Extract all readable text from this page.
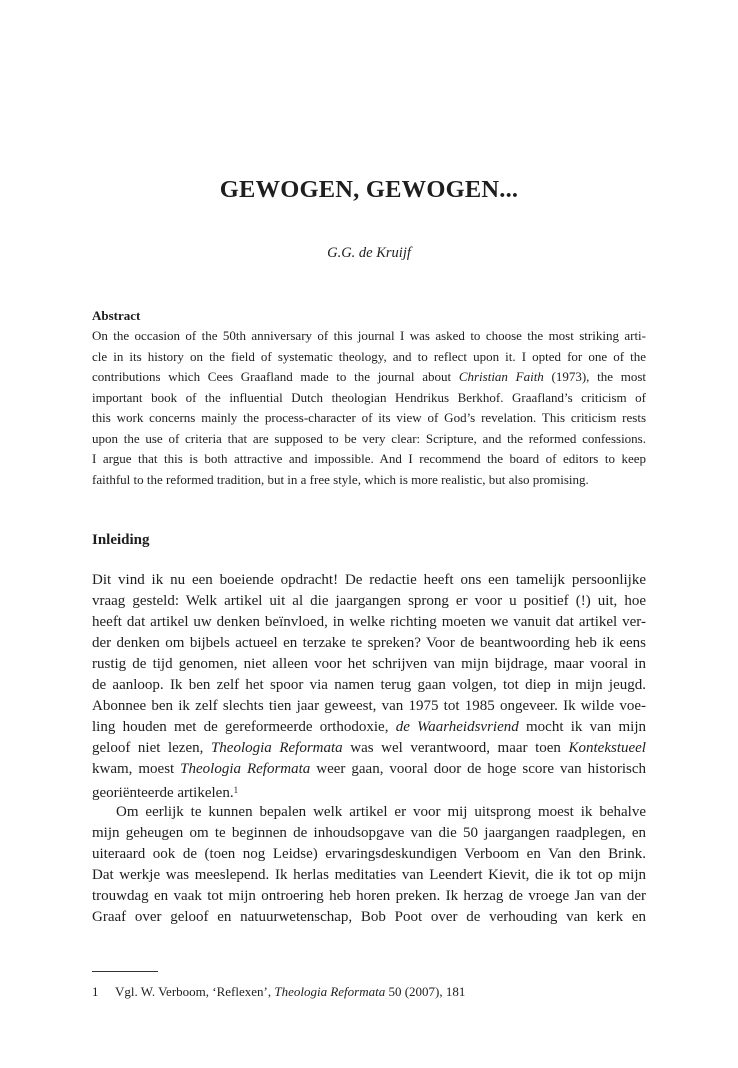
GEWOGEN, GEWOGEN...
G.G. de Kruijf
Abstract
On the occasion of the 50th anniversary of this journal I was asked to choose the most striking arti-
cle in its history on the field of systematic theology, and to reflect upon it. I opted for one of the
contributions which Cees Graafland made to the journal about Christian Faith (1973), the most
important book of the influential Dutch theologian Hendrikus Berkhof. Graafland’s criticism of
this work concerns mainly the process-character of its view of God’s revelation. This criticism rests
upon the use of criteria that are supposed to be very clear: Scripture, and the reformed confessions.
I argue that this is both attractive and impossible. And I recommend the board of editors to keep
faithful to the reformed tradition, but in a free style, which is more realistic, but also promising.
Inleiding
Dit vind ik nu een boeiende opdracht! De redactie heeft ons een tamelijk persoonlijke
vraag gesteld: Welk artikel uit al die jaargangen sprong er voor u positief (!) uit, hoe
heeft dat artikel uw denken beïnvloed, in welke richting moeten we vanuit dat artikel ver-
der denken om bijbels actueel en terzake te spreken? Voor de beantwoording heb ik eens
rustig de tijd genomen, niet alleen voor het schrijven van mijn bijdrage, maar vooral in
de aanloop. Ik ben zelf het spoor via namen terug gaan volgen, tot diep in mijn jeugd.
Abonnee ben ik zelf slechts tien jaar geweest, van 1975 tot 1985 ongeveer. Ik wilde voe-
ling houden met de gereformeerde orthodoxie, de Waarheidsvriend mocht ik van mijn
geloof niet lezen, Theologia Reformata was wel verantwoord, maar toen Kontekstueel
kwam, moest Theologia Reformata weer gaan, vooral door de hoge score van historisch
georiënteerde artikelen.$^1$
Om eerlijk te kunnen bepalen welk artikel er voor mij uitsprong moest ik behalve
mijn geheugen om te beginnen de inhoudsopgave van die 50 jaargangen raadplegen, en
uiteraard ook de (toen nog Leidse) ervaringsdeskundigen Verboom en Van den Brink.
Dat werkje was meeslepend. Ik herlas meditaties van Leendert Kievit, die ik tot op mijn
trouwdag en vaak tot mijn ontroering heb horen preken. Ik herzag de vroege Jan van der
Graaf over geloof en natuurwetenschap, Bob Poot over de verhouding van kerk en
1 Vgl. W. Verboom, ‘Reflexen’, Theologia Reformata 50 (2007), 181
